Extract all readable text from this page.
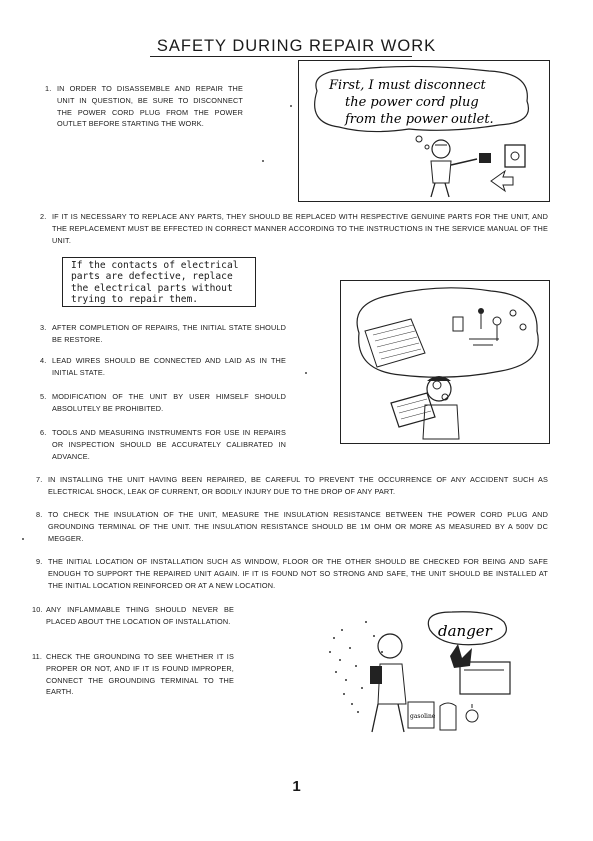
SAFETY DURING REPAIR WORK
1. IN ORDER TO DISASSEMBLE AND REPAIR THE UNIT IN QUESTION, BE SURE TO DISCONNECT THE POWER CORD PLUG FROM THE POWER OUTLET BEFORE STARTING THE WORK.

First, I must disconnect
the power cord plug
from the power outlet.
2. IF IT IS NECESSARY TO REPLACE ANY PARTS, THEY SHOULD BE REPLACED WITH RESPECTIVE GENUINE PARTS FOR THE UNIT, AND THE REPLACEMENT MUST BE EFFECTED IN CORRECT MANNER ACCORDING TO THE INSTRUCTIONS IN THE SERVICE MANUAL OF THE UNIT.

If the contacts of electrical
parts are defective, replace
the electrical parts without
trying to repair them.
3. AFTER COMPLETION OF REPAIRS, THE INITIAL STATE SHOULD BE RESTORE.

4. LEAD WIRES SHOULD BE CONNECTED AND LAID AS IN THE INITIAL STATE.

5. MODIFICATION OF THE UNIT BY USER HIMSELF SHOULD ABSOLUTELY BE PROHIBITED.

6. TOOLS AND MEASURING INSTRUMENTS FOR USE IN REPAIRS OR INSPECTION SHOULD BE ACCURATELY CALIBRATED IN ADVANCE.

7. IN INSTALLING THE UNIT HAVING BEEN REPAIRED, BE CAREFUL TO PREVENT THE OCCURRENCE OF ANY ACCIDENT SUCH AS ELECTRICAL SHOCK, LEAK OF CURRENT, OR BODILY INJURY DUE TO THE DROP OF ANY PART.

8. TO CHECK THE INSULATION OF THE UNIT, MEASURE THE INSULATION RESISTANCE BETWEEN THE POWER CORD PLUG AND GROUNDING TERMINAL OF THE UNIT. THE INSULATION RESISTANCE SHOULD BE 1M OHM OR MORE AS MEASURED BY A 500V DC MEGGER.

9. THE INITIAL LOCATION OF INSTALLATION SUCH AS WINDOW, FLOOR OR THE OTHER SHOULD BE CHECKED FOR BEING AND SAFE ENOUGH TO SUPPORT THE REPAIRED UNIT AGAIN. IF IT IS FOUND NOT SO STRONG AND SAFE, THE UNIT SHOULD BE INSTALLED AT THE INITIAL LOCATION REINFORCED OR AT A NEW LOCATION.

10. ANY INFLAMMABLE THING SHOULD NEVER BE PLACED ABOUT THE LOCATION OF INSTALLATION.

11. CHECK THE GROUNDING TO SEE WHETHER IT IS PROPER OR NOT, AND IF IT IS FOUND IMPROPER, CONNECT THE GROUNDING TERMINAL TO THE EARTH.

danger
gasoline
1
